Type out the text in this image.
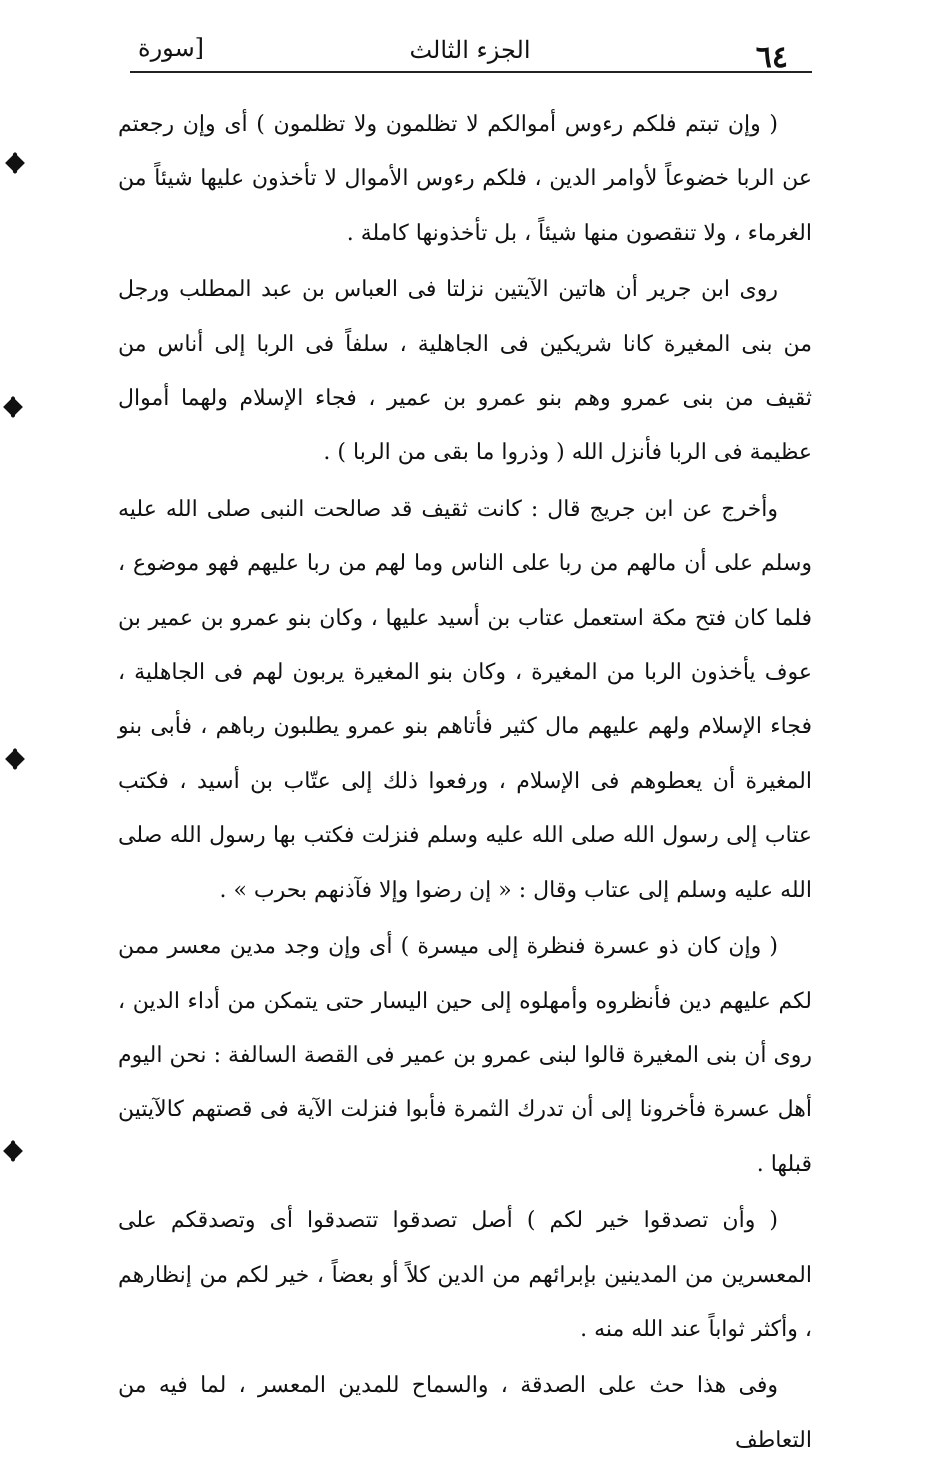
٦٤
الجزء الثالث
[سورة

( وإن تبتم فلكم رءوس أموالكم لا تظلمون ولا تظلمون ) أى وإن رجعتم عن الربا خضوعاً لأوامر الدين ، فلكم رءوس الأموال لا تأخذون عليها شيئاً من الغرماء ، ولا تنقصون منها شيئاً ، بل تأخذونها كاملة .

روى ابن جرير أن هاتين الآيتين نزلتا فى العباس بن عبد المطلب ورجل من بنى المغيرة كانا شريكين فى الجاهلية ، سلفاً فى الربا إلى أناس من ثقيف من بنى عمرو وهم بنو عمرو بن عمير ، فجاء الإسلام ولهما أموال عظيمة فى الربا فأنزل الله ( وذروا ما بقى من الربا ) .

وأخرج عن ابن جريج قال : كانت ثقيف قد صالحت النبى صلى الله عليه وسلم على أن مالهم من ربا على الناس وما لهم من ربا عليهم فهو موضوع ، فلما كان فتح مكة استعمل عتاب بن أسيد عليها ، وكان بنو عمرو بن عمير بن عوف يأخذون الربا من المغيرة ، وكان بنو المغيرة يربون لهم فى الجاهلية ، فجاء الإسلام ولهم عليهم مال كثير فأتاهم بنو عمرو يطلبون رباهم ، فأبى بنو المغيرة أن يعطوهم فى الإسلام ، ورفعوا ذلك إلى عتّاب بن أسيد ، فكتب عتاب إلى رسول الله صلى الله عليه وسلم فنزلت فكتب بها رسول الله صلى الله عليه وسلم إلى عتاب وقال : « إن رضوا وإلا فآذنهم بحرب » .

( وإن كان ذو عسرة فنظرة إلى ميسرة ) أى وإن وجد مدين معسر ممن لكم عليهم دين فأنظروه وأمهلوه إلى حين اليسار حتى يتمكن من أداء الدين ، روى أن بنى المغيرة قالوا لبنى عمرو بن عمير فى القصة السالفة : نحن اليوم أهل عسرة فأخرونا إلى أن تدرك الثمرة فأبوا فنزلت الآية فى قصتهم كالآيتين قبلها .

( وأن تصدقوا خير لكم ) أصل تصدقوا تتصدقوا أى وتصدقكم على المعسرين من المدينين بإبرائهم من الدين كلاً أو بعضاً ، خير لكم من إنظارهم ، وأكثر ثواباً عند الله منه .

وفى هذا حث على الصدقة ، والسماح للمدين المعسر ، لما فيه من التعاطف
